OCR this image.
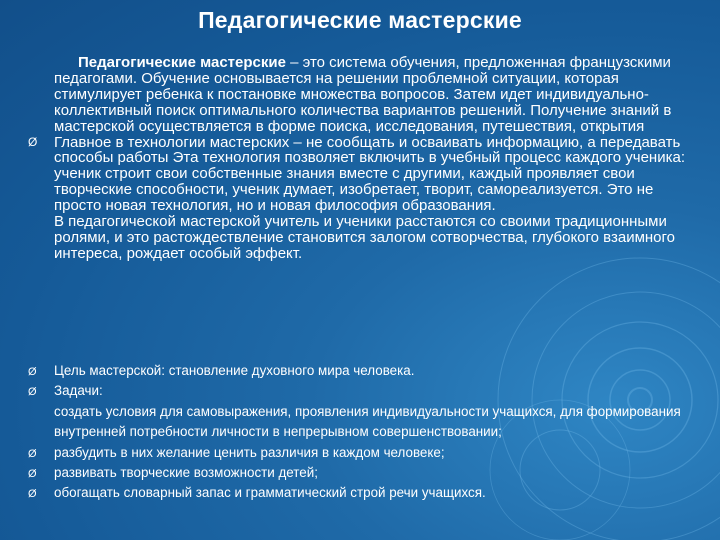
Педагогические мастерские
Педагогические мастерские – это система обучения, предложенная французскими педагогами. Обучение основывается на решении проблемной ситуации, которая стимулирует ребенка к постановке множества вопросов. Затем идет индивидуально-коллективный поиск оптимального количества вариантов решений. Получение знаний в мастерской осуществляется в форме поиска, исследования, путешествия, открытия
Ø Главное в технологии мастерских – не сообщать и осваивать информацию, а передавать способы работы Эта технология позволяет включить в учебный процесс каждого ученика: ученик строит свои собственные знания вместе с другими, каждый проявляет свои творческие способности, ученик думает, изобретает, творит, самореализуется. Это не просто новая технология, но и новая философия образования.
В педагогической мастерской учитель и ученики расстаются со своими традиционными ролями, и это растождествление становится залогом сотворчества, глубокого взаимного интереса, рождает особый эффект.
Ø Цель мастерской: становление духовного мира человека.
Ø Задачи:
создать условия для самовыражения, проявления индивидуальности учащихся, для формирования внутренней потребности личности в непрерывном совершенствовании;
Ø разбудить в них желание ценить различия в каждом человеке;
Ø развивать творческие возможности детей;
Ø обогащать словарный запас и грамматический строй речи учащихся.
